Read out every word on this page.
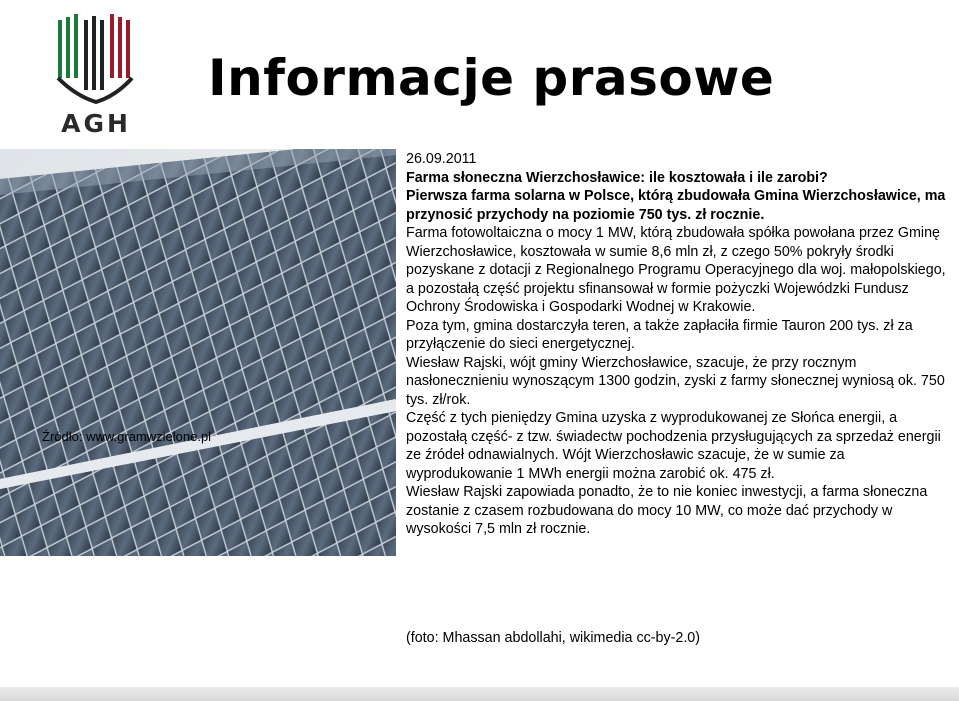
AGH
Informacje prasowe
Źródło: www.gramwzielone.pl

26.09.2011

Farma słoneczna Wierzchosławice: ile kosztowała i ile zarobi?

Pierwsza farma solarna w Polsce, którą zbudowała Gmina Wierzchosławice, ma przynosić przychody na poziomie 750 tys. zł rocznie.

Farma fotowoltaiczna o mocy 1 MW, którą zbudowała spółka powołana przez Gminę Wierzchosławice, kosztowała w sumie 8,6 mln zł, z czego 50% pokryły środki pozyskane z dotacji z Regionalnego Programu Operacyjnego dla woj. małopolskiego, a pozostałą część projektu sfinansował w formie pożyczki Wojewódzki Fundusz Ochrony Środowiska i Gospodarki Wodnej w Krakowie.

Poza tym, gmina dostarczyła teren, a także zapłaciła firmie Tauron 200 tys. zł za przyłączenie do sieci energetycznej.

Wiesław Rajski, wójt gminy Wierzchosławice, szacuje, że przy rocznym nasłonecznieniu wynoszącym 1300 godzin, zyski z farmy słonecznej wyniosą ok. 750 tys. zł/rok.

Część z tych pieniędzy Gmina uzyska z wyprodukowanej ze Słońca energii, a pozostałą część- z tzw. świadectw pochodzenia przysługujących za sprzedaż energii ze źródeł odnawialnych. Wójt Wierzchosławic szacuje, że w sumie za wyprodukowanie 1 MWh energii można zarobić ok. 475 zł.

Wiesław Rajski zapowiada ponadto, że to nie koniec inwestycji, a farma słoneczna zostanie z czasem rozbudowana do mocy 10 MW, co może dać przychody w wysokości 7,5 mln zł rocznie.

(foto: Mhassan abdollahi, wikimedia cc-by-2.0)
